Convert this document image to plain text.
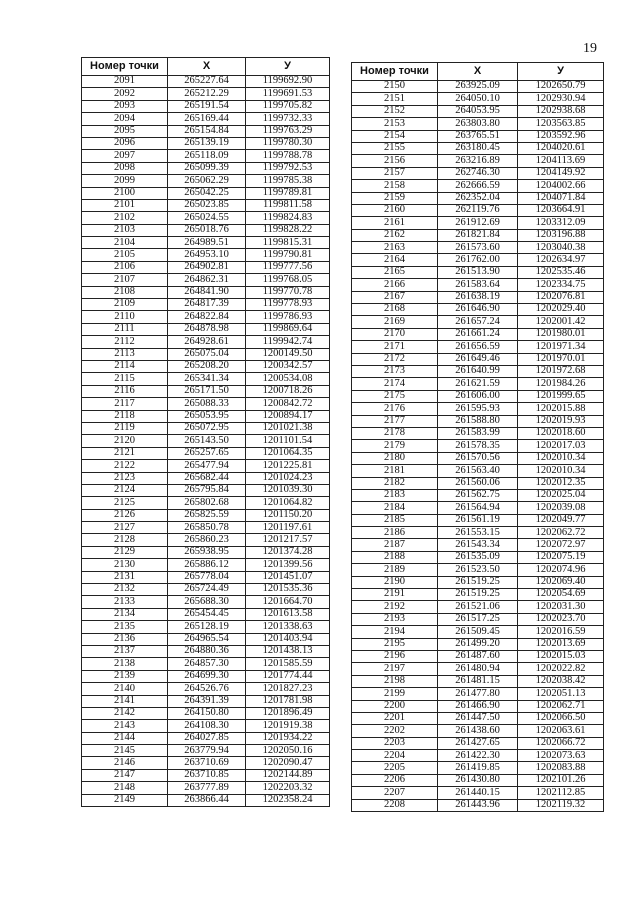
19
Номер точки	X	У
2091	265227.64	1199692.90
2092	265212.29	1199691.53
2093	265191.54	1199705.82
2094	265169.44	1199732.33
2095	265154.84	1199763.29
2096	265139.19	1199780.30
2097	265118.09	1199788.78
2098	265099.39	1199792.53
2099	265062.29	1199785.38
2100	265042.25	1199789.81
2101	265023.85	1199811.58
2102	265024.55	1199824.83
2103	265018.76	1199828.22
2104	264989.51	1199815.31
2105	264953.10	1199790.81
2106	264902.81	1199777.56
2107	264862.31	1199768.05
2108	264841.90	1199770.78
2109	264817.39	1199778.93
2110	264822.84	1199786.93
2111	264878.98	1199869.64
2112	264928.61	1199942.74
2113	265075.04	1200149.50
2114	265208.20	1200342.57
2115	265341.34	1200534.08
2116	265171.50	1200718.26
2117	265088.33	1200842.72
2118	265053.95	1200894.17
2119	265072.95	1201021.38
2120	265143.50	1201101.54
2121	265257.65	1201064.35
2122	265477.94	1201225.81
2123	265682.44	1201024.23
2124	265795.84	1201039.30
2125	265802.68	1201064.82
2126	265825.59	1201150.20
2127	265850.78	1201197.61
2128	265860.23	1201217.57
2129	265938.95	1201374.28
2130	265886.12	1201399.56
2131	265778.04	1201451.07
2132	265724.49	1201535.36
2133	265688.30	1201664.70
2134	265454.45	1201613.58
2135	265128.19	1201338.63
2136	264965.54	1201403.94
2137	264880.36	1201438.13
2138	264857.30	1201585.59
2139	264699.30	1201774.44
2140	264526.76	1201827.23
2141	264391.39	1201781.98
2142	264150.80	1201896.49
2143	264108.30	1201919.38
2144	264027.85	1201934.22
2145	263779.94	1202050.16
2146	263710.69	1202090.47
2147	263710.85	1202144.89
2148	263777.89	1202203.32
2149	263866.44	1202358.24
Номер точки	X	У
2150	263925.09	1202650.79
2151	264050.10	1202930.94
2152	264053.95	1202938.68
2153	263803.80	1203563.85
2154	263765.51	1203592.96
2155	263180.45	1204020.61
2156	263216.89	1204113.69
2157	262746.30	1204149.92
2158	262666.59	1204002.66
2159	262352.04	1204071.84
2160	262119.76	1203664.91
2161	261912.69	1203312.09
2162	261821.84	1203196.88
2163	261573.60	1203040.38
2164	261762.00	1202634.97
2165	261513.90	1202535.46
2166	261583.64	1202334.75
2167	261638.19	1202076.81
2168	261646.90	1202029.40
2169	261657.24	1202001.42
2170	261661.24	1201980.01
2171	261656.59	1201971.34
2172	261649.46	1201970.01
2173	261640.99	1201972.68
2174	261621.59	1201984.26
2175	261606.00	1201999.65
2176	261595.93	1202015.88
2177	261588.80	1202019.93
2178	261583.99	1202018.60
2179	261578.35	1202017.03
2180	261570.56	1202010.34
2181	261563.40	1202010.34
2182	261560.06	1202012.35
2183	261562.75	1202025.04
2184	261564.94	1202039.08
2185	261561.19	1202049.77
2186	261553.15	1202062.72
2187	261543.34	1202072.97
2188	261535.09	1202075.19
2189	261523.50	1202074.96
2190	261519.25	1202069.40
2191	261519.25	1202054.69
2192	261521.06	1202031.30
2193	261517.25	1202023.70
2194	261509.45	1202016.59
2195	261499.20	1202013.69
2196	261487.60	1202015.03
2197	261480.94	1202022.82
2198	261481.15	1202038.42
2199	261477.80	1202051.13
2200	261466.90	1202062.71
2201	261447.50	1202066.50
2202	261438.60	1202063.61
2203	261427.65	1202066.72
2204	261422.30	1202073.63
2205	261419.85	1202083.88
2206	261430.80	1202101.26
2207	261440.15	1202112.85
2208	261443.96	1202119.32
